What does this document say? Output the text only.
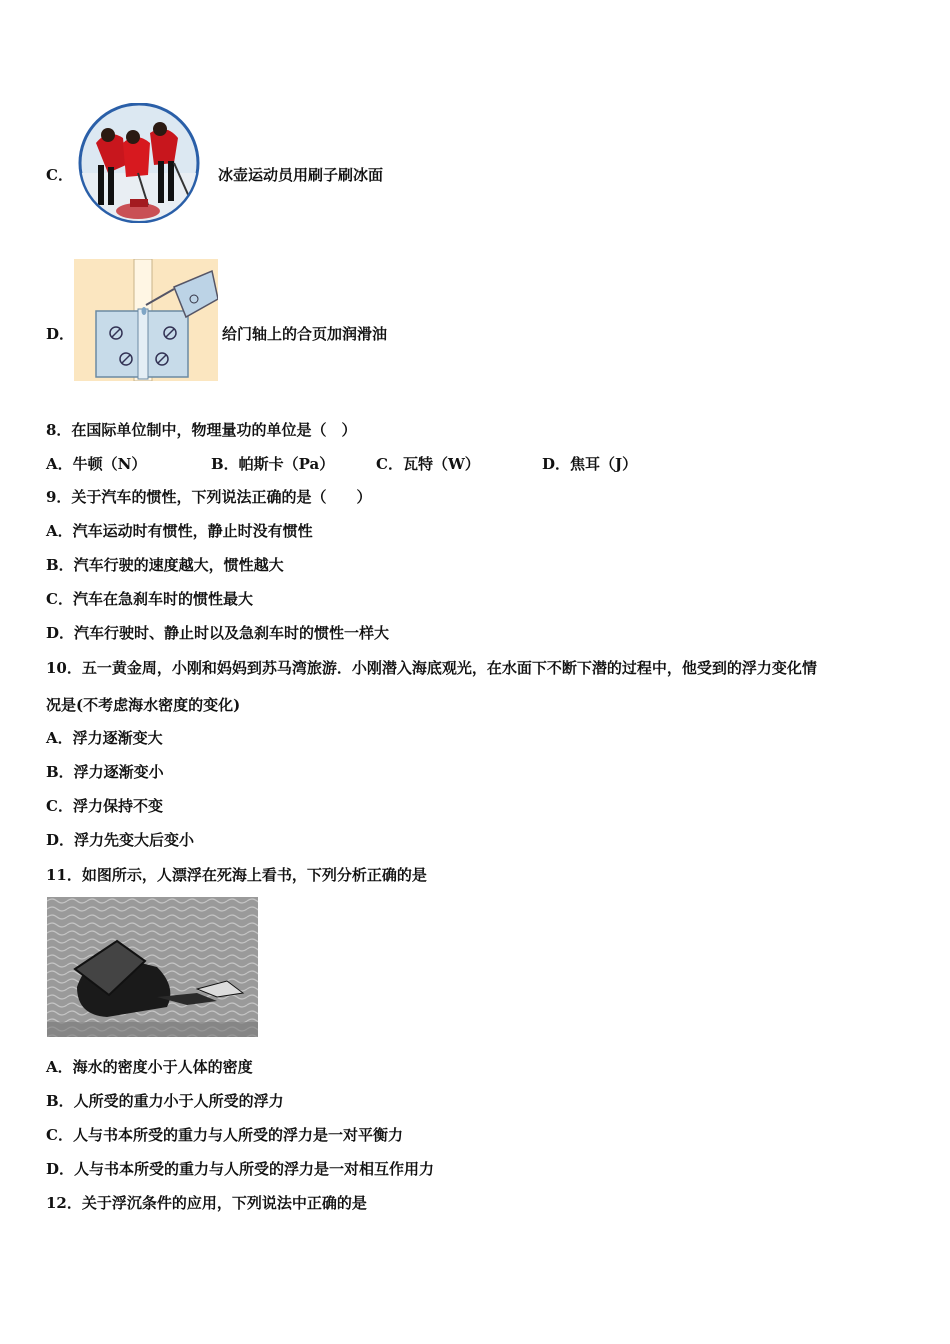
C．	冰壶运动员用刷子刷冰面
D．	给门轴上的合页加润滑油
8．在国际单位制中，物理量功的单位是（　）
A．牛顿（N）	B．帕斯卡（Pa）	C．瓦特（W）	D．焦耳（J）
9．关于汽车的惯性，下列说法正确的是（　　）
A．汽车运动时有惯性，静止时没有惯性
B．汽车行驶的速度越大，惯性越大
C．汽车在急刹车时的惯性最大
D．汽车行驶时、静止时以及急刹车时的惯性一样大
10．五一黄金周，小刚和妈妈到苏马湾旅游．小刚潜入海底观光，在水面下不断下潜的过程中，他受到的浮力变化情
况是(不考虑海水密度的变化)
A．浮力逐渐变大
B．浮力逐渐变小
C．浮力保持不变
D．浮力先变大后变小
11．如图所示，人漂浮在死海上看书，下列分析正确的是
A．海水的密度小于人体的密度
B．人所受的重力小于人所受的浮力
C．人与书本所受的重力与人所受的浮力是一对平衡力
D．人与书本所受的重力与人所受的浮力是一对相互作用力
12．关于浮沉条件的应用，下列说法中正确的是
